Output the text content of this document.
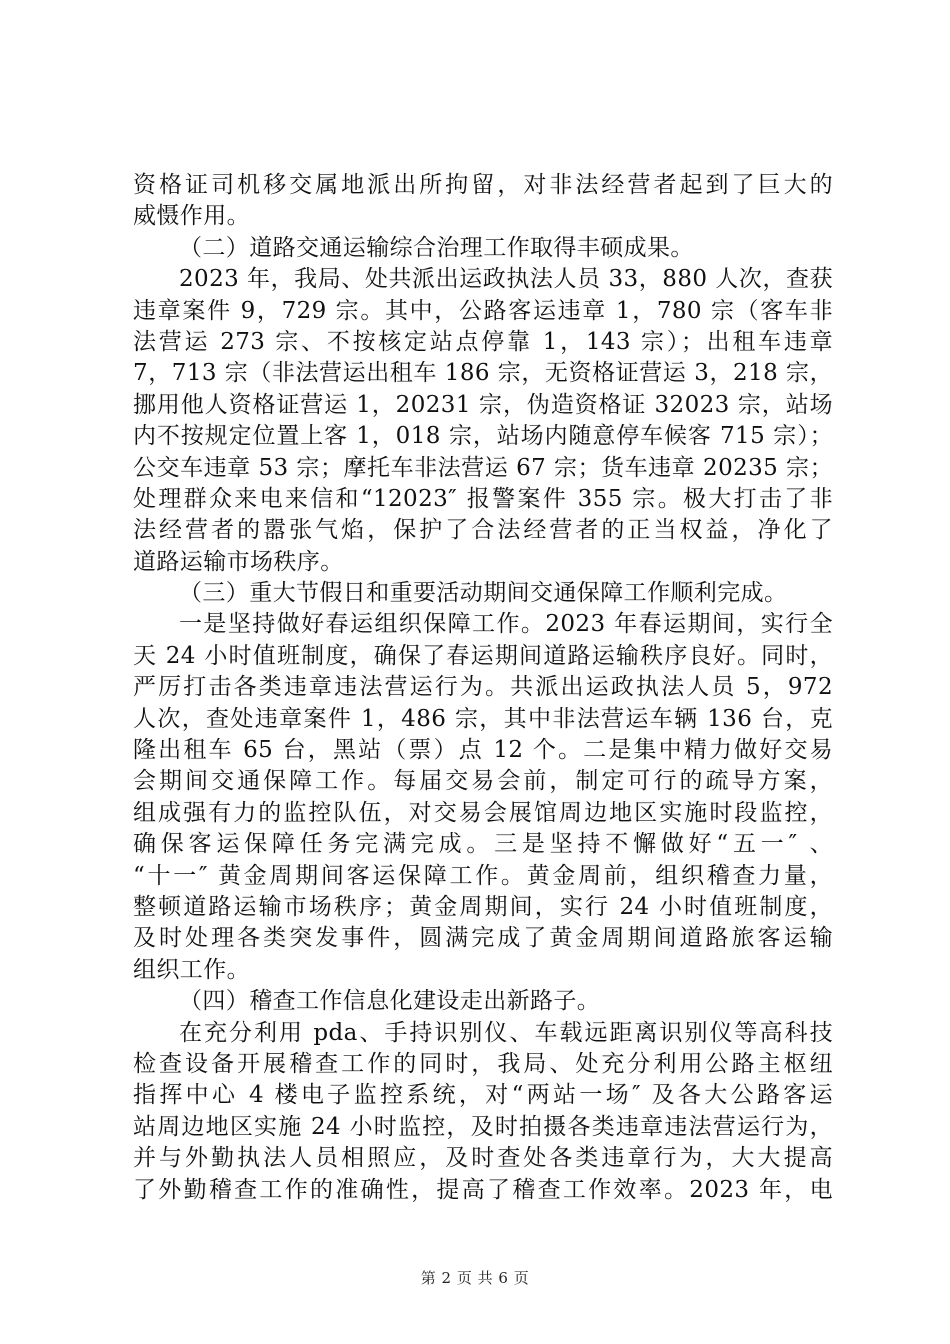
资格证司机移交属地派出所拘留，对非法经营者起到了巨大的
威慑作用。
（二）道路交通运输综合治理工作取得丰硕成果。
2023 年，我局、处共派出运政执法人员 33，880 人次，查获
违章案件 9，729 宗。其中，公路客运违章 1，780 宗（客车非
法营运 273 宗、不按核定站点停靠 1，143 宗）；出租车违章
7，713 宗（非法营运出租车 186 宗，无资格证营运 3，218 宗，
挪用他人资格证营运 1，20231 宗，伪造资格证 32023 宗，站场
内不按规定位置上客 1，018 宗，站场内随意停车候客 715 宗）；
公交车违章 53 宗；摩托车非法营运 67 宗；货车违章 20235 宗；
处理群众来电来信和“12023″ 报警案件 355 宗。极大打击了非
法经营者的嚣张气焰，保护了合法经营者的正当权益，净化了
道路运输市场秩序。
（三）重大节假日和重要活动期间交通保障工作顺利完成。
一是坚持做好春运组织保障工作。2023 年春运期间，实行全
天 24 小时值班制度，确保了春运期间道路运输秩序良好。同时，
严厉打击各类违章违法营运行为。共派出运政执法人员 5，972
人次，查处违章案件 1，486 宗，其中非法营运车辆 136 台，克
隆出租车 65 台，黑站（票）点 12 个。二是集中精力做好交易
会期间交通保障工作。每届交易会前，制定可行的疏导方案，
组成强有力的监控队伍，对交易会展馆周边地区实施时段监控，
确保客运保障任务完满完成。三是坚持不懈做好“五一″ 、
“十一″ 黄金周期间客运保障工作。黄金周前，组织稽查力量，
整顿道路运输市场秩序；黄金周期间，实行 24 小时值班制度，
及时处理各类突发事件，圆满完成了黄金周期间道路旅客运输
组织工作。
（四）稽查工作信息化建设走出新路子。
在充分利用 pda、手持识别仪、车载远距离识别仪等高科技
检查设备开展稽查工作的同时，我局、处充分利用公路主枢纽
指挥中心 4 楼电子监控系统，对“两站一场″ 及各大公路客运
站周边地区实施 24 小时监控，及时拍摄各类违章违法营运行为，
并与外勤执法人员相照应，及时查处各类违章行为，大大提高
了外勤稽查工作的准确性，提高了稽查工作效率。2023 年，电
第 2 页 共 6 页
